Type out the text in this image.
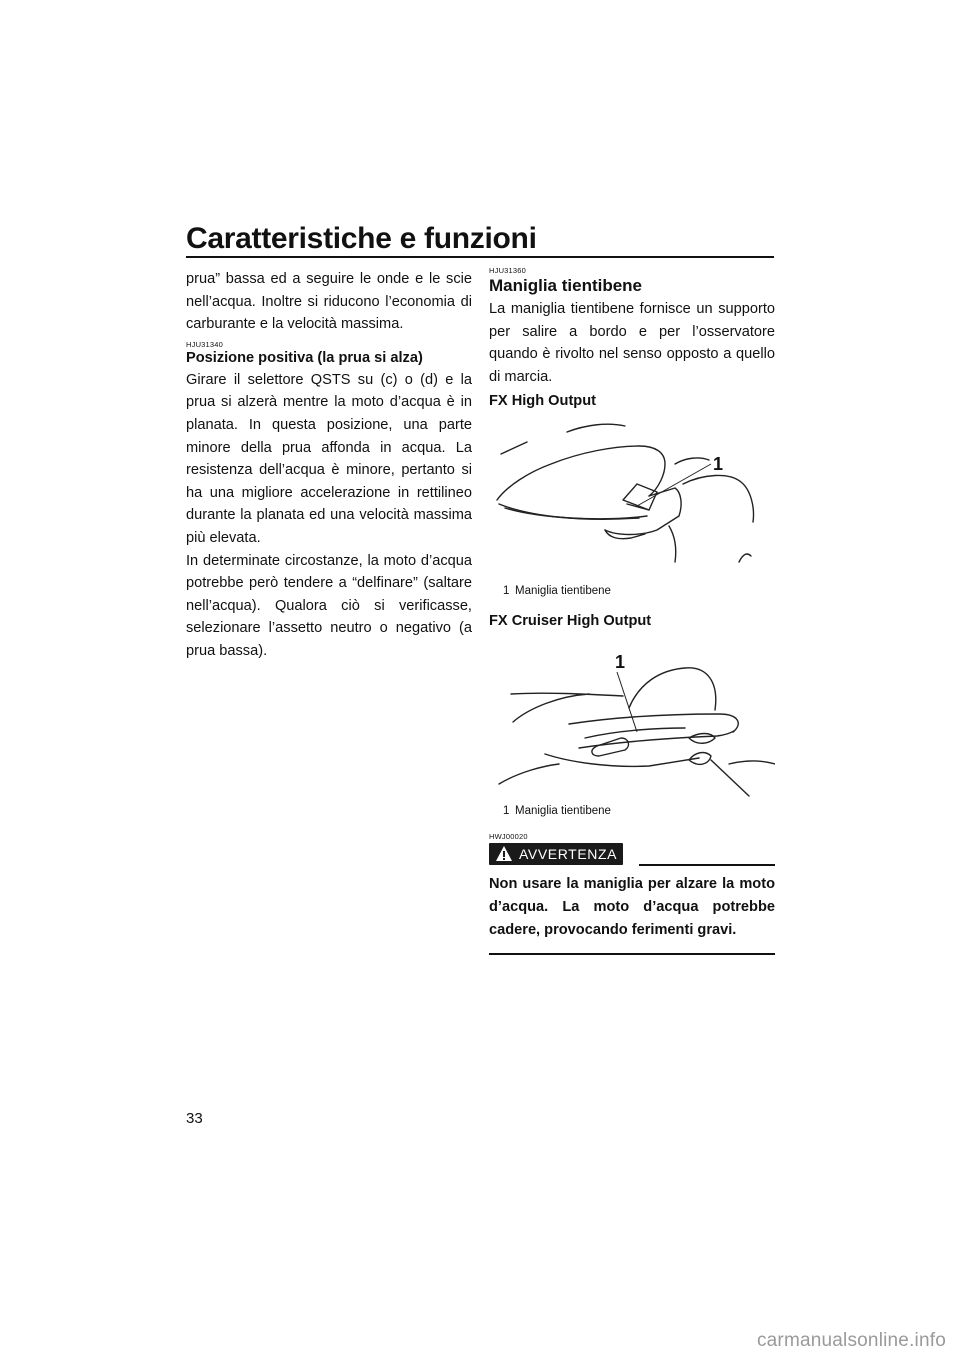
Caratteristiche e funzioni

prua” bassa ed a seguire le onde e le scie nell’acqua. Inoltre si riducono l’economia di carburante e la velocità massima.

HJU31340
Posizione positiva (la prua si alza)

Girare il selettore QSTS su (c) o (d) e la prua si alzerà mentre la moto d’acqua è in planata. In questa posizione, una parte minore della prua affonda in acqua. La resistenza dell’acqua è minore, pertanto si ha una migliore accelerazione in rettilineo durante la planata ed una velocità massima più elevata.

In determinate circostanze, la moto d’acqua potrebbe però tendere a “delfinare” (saltare nell’acqua). Qualora ciò si verificasse, selezionare l’assetto neutro o negativo (a prua bassa).

HJU31360
Maniglia tientibene

La maniglia tientibene fornisce un supporto per salire a bordo e per l’osservatore quando è rivolto nel senso opposto a quello di marcia.

FX High Output
1
1 Maniglia tientibene
FX Cruiser High Output
1
1 Maniglia tientibene
HWJ00020
AVVERTENZA

Non usare la maniglia per alzare la moto d’acqua. La moto d’acqua potrebbe cadere, provocando ferimenti gravi.

33
carmanualsonline.info
